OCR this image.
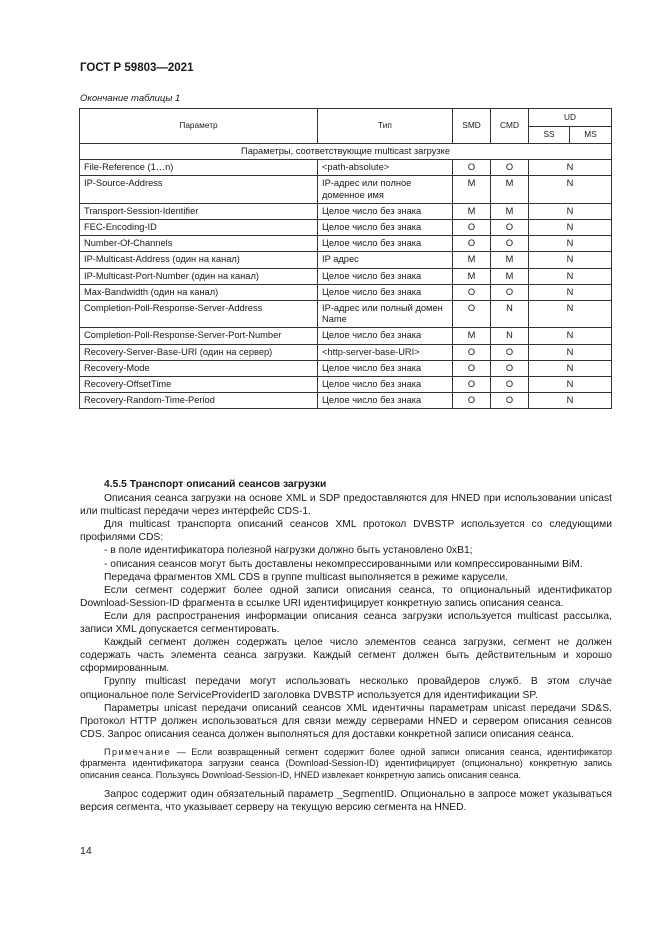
ГОСТ Р 59803—2021
Окончание таблицы 1
Параметр	Тип	SMD	CMD	UD	
				SS	MS
Параметры, соответствующие multicast загрузке					
File-Reference (1…n)	<path-absolute>	O	O	N	
IP-Source-Address	IP-адрес или полное доменное имя	M	M	N	
Transport-Session-Identifier	Целое число без знака	M	M	N	
FEC-Encoding-ID	Целое число без знака	O	O	N	
Number-Of-Channels	Целое число без знака	O	O	N	
IP-Multicast-Address (один на канал)	IP адрес	M	M	N	
IP-Multicast-Port-Number (один на канал)	Целое число без знака	M	M	N	
Max-Bandwidth (один на канал)	Целое число без знака	O	O	N	
Completion-Poll-Response-Server-Address	IP-адрес или полный домен Name	O	N	N	
Completion-Poll-Response-Server-Port-Number	Целое число без знака	M	N	N	
Recovery-Server-Base-URI (один на сервер)	<http-server-base-URI>	O	O	N	
Recovery-Mode	Целое число без знака	O	O	N	
Recovery-OffsetTime	Целое число без знака	O	O	N	
Recovery-Random-Time-Period	Целое число без знака	O	O	N	
4.5.5 Транспорт описаний сеансов загрузки

Описания сеанса загрузки на основе XML и SDP предоставляются для HNED при использовании unicast или multicast передачи через интерфейс CDS-1.

Для multicast транспорта описаний сеансов XML протокол DVBSTP используется со следующими профилями CDS:

- в поле идентификатора полезной нагрузки должно быть установлено 0xB1;

- описания сеансов могут быть доставлены некомпрессированными или компрессированными BiM.

Передача фрагментов XML CDS в группе multicast выполняется в режиме карусели.

Если сегмент содержит более одной записи описания сеанса, то опциональный идентификатор Download-Session-ID фрагмента в ссылке URI идентифицирует конкретную запись описания сеанса.

Если для распространения информации описания сеанса загрузки используется multicast рассылка, записи XML допускается сегментировать.

Каждый сегмент должен содержать целое число элементов сеанса загрузки, сегмент не должен содержать часть элемента сеанса загрузки. Каждый сегмент должен быть действительным и хорошо сформированным.

Группу multicast передачи могут использовать несколько провайдеров служб. В этом случае опциональное поле ServiceProviderID заголовка DVBSTP используется для идентификации SP.

Параметры unicast передачи описаний сеансов XML идентичны параметрам unicast передачи SD&S. Протокол HTTP должен использоваться для связи между серверами HNED и сервером описания сеансов CDS. Запрос описания сеанса должен выполняться для доставки конкретной записи описания сеанса.

Примечание — Если возвращенный сегмент содержит более одной записи описания сеанса, идентификатор фрагмента идентификатора загрузки сеанса (Download-Session-ID) идентифицирует (опционально) конкретную запись описания сеанса. Пользуясь Download-Session-ID, HNED извлекает конкретную запись описания сеанса.

Запрос содержит один обязательный параметр _SegmentID. Опционально в запросе может указываться версия сегмента, что указывает серверу на текущую версию сегмента на HNED.

14
